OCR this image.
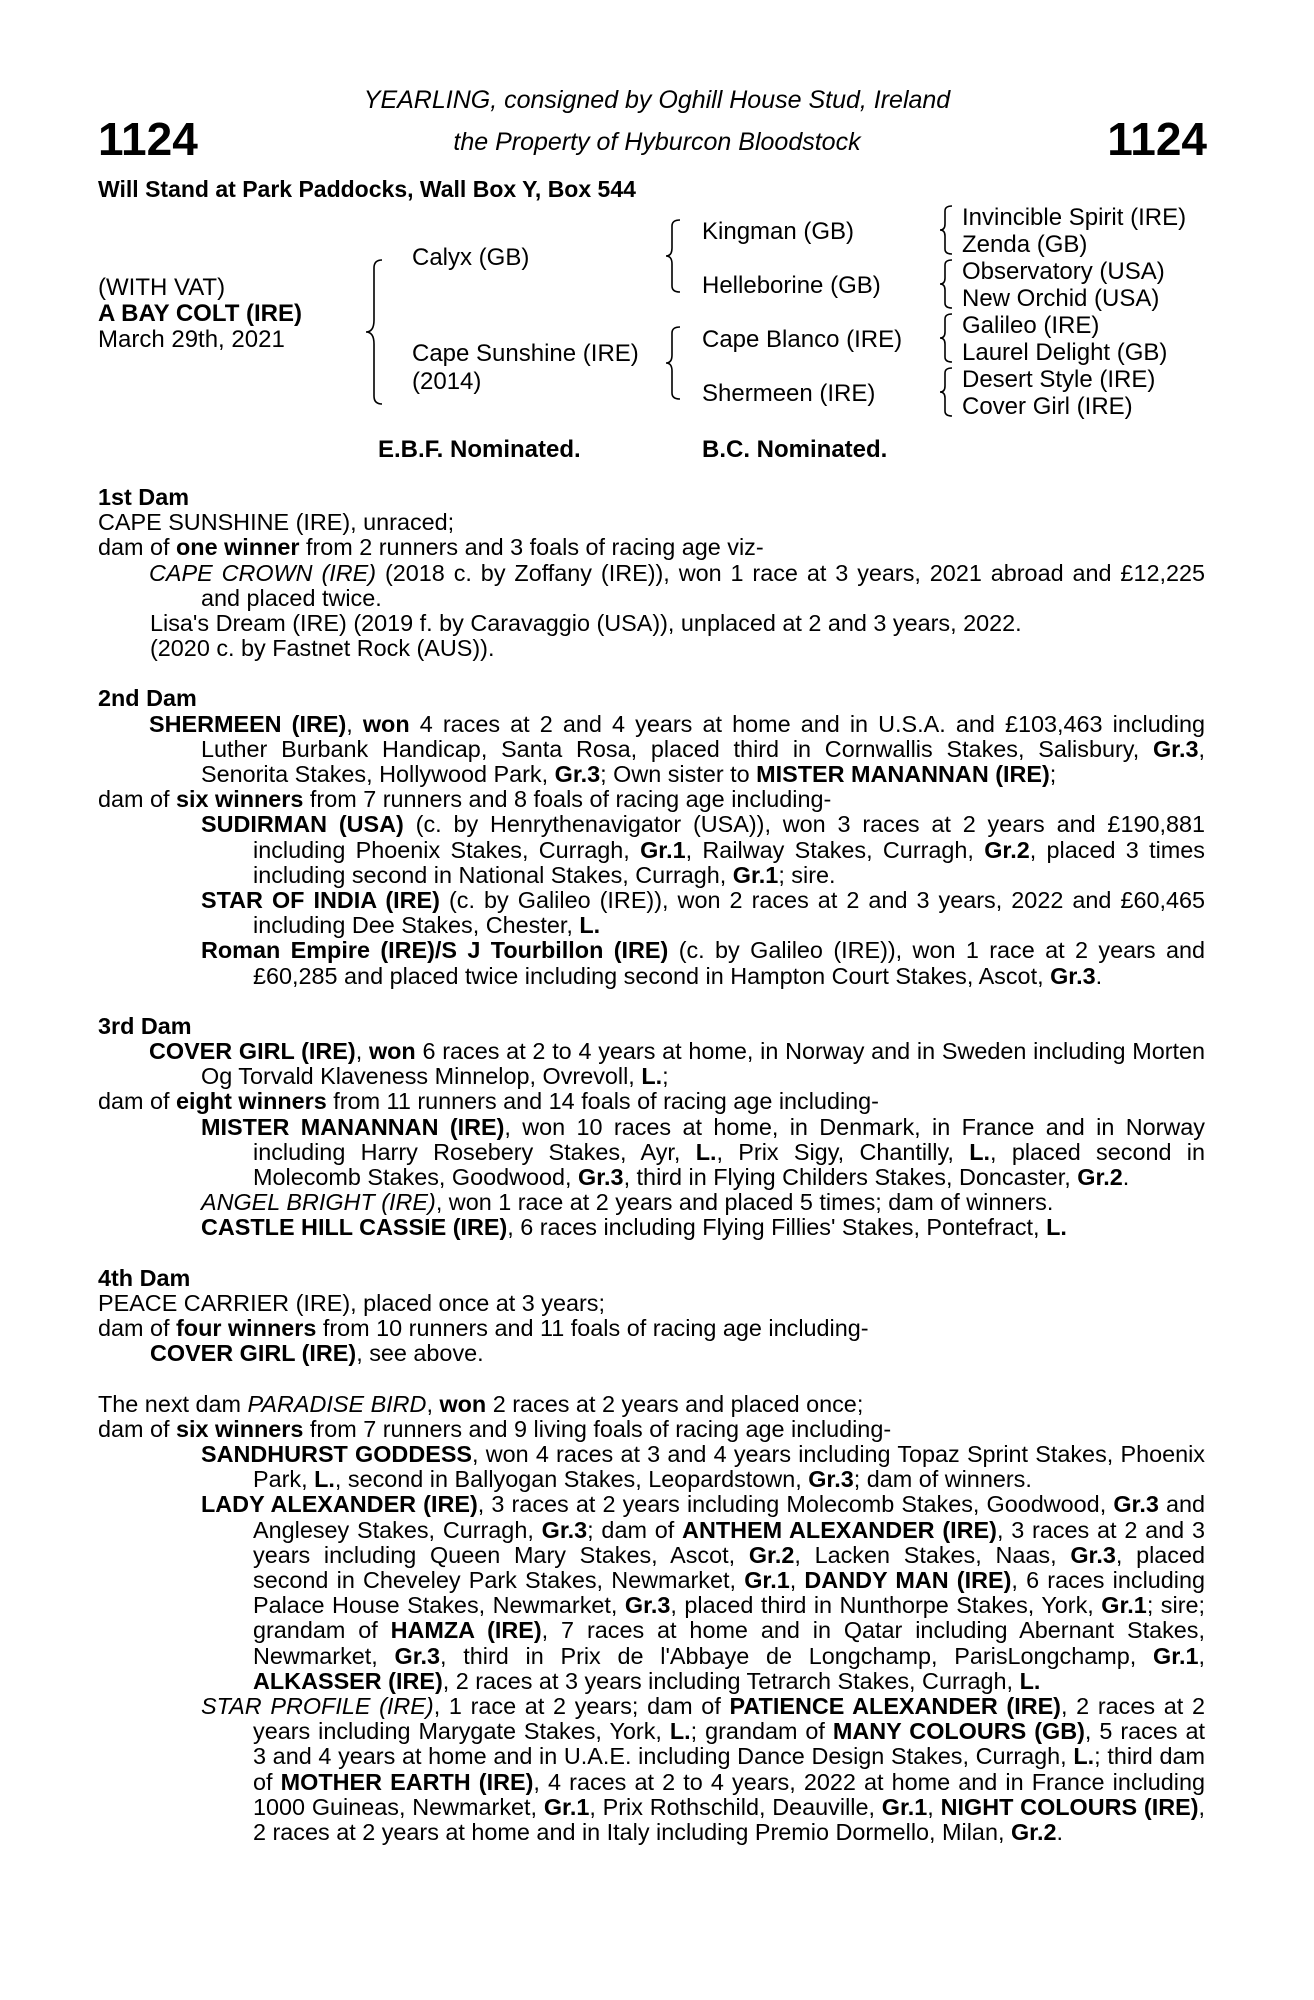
1124	1124
YEARLING, consigned by Oghill House Stud, Ireland
the Property of Hyburcon Bloodstock
Will Stand at Park Paddocks, Wall Box Y, Box 544
(WITH VAT)
A BAY COLT (IRE)
March 29th, 2021
Calyx (GB)
Cape Sunshine (IRE)
(2014)
Kingman (GB)
Helleborine (GB)
Cape Blanco (IRE)
Shermeen (IRE)
Invincible Spirit (IRE)
Zenda (GB)
Observatory (USA)
New Orchid (USA)
Galileo (IRE)
Laurel Delight (GB)
Desert Style (IRE)
Cover Girl (IRE)
E.B.F. Nominated.	B.C. Nominated.

1st Dam

CAPE SUNSHINE (IRE), unraced;

dam of one winner from 2 runners and 3 foals of racing age viz-

CAPE CROWN (IRE) (2018 c. by Zoffany (IRE)), won 1 race at 3 years, 2021 abroad and £12,225 and placed twice.

Lisa's Dream (IRE) (2019 f. by Caravaggio (USA)), unplaced at 2 and 3 years, 2022.

(2020 c. by Fastnet Rock (AUS)).

2nd Dam

SHERMEEN (IRE), won 4 races at 2 and 4 years at home and in U.S.A. and £103,463 including Luther Burbank Handicap, Santa Rosa, placed third in Cornwallis Stakes, Salisbury, Gr.3, Senorita Stakes, Hollywood Park, Gr.3; Own sister to MISTER MANANNAN (IRE);

dam of six winners from 7 runners and 8 foals of racing age including-

SUDIRMAN (USA) (c. by Henrythenavigator (USA)), won 3 races at 2 years and £190,881 including Phoenix Stakes, Curragh, Gr.1, Railway Stakes, Curragh, Gr.2, placed 3 times including second in National Stakes, Curragh, Gr.1; sire.

STAR OF INDIA (IRE) (c. by Galileo (IRE)), won 2 races at 2 and 3 years, 2022 and £60,465 including Dee Stakes, Chester, L.

Roman Empire (IRE)/S J Tourbillon (IRE) (c. by Galileo (IRE)), won 1 race at 2 years and £60,285 and placed twice including second in Hampton Court Stakes, Ascot, Gr.3.

3rd Dam

COVER GIRL (IRE), won 6 races at 2 to 4 years at home, in Norway and in Sweden including Morten Og Torvald Klaveness Minnelop, Ovrevoll, L.;

dam of eight winners from 11 runners and 14 foals of racing age including-

MISTER MANANNAN (IRE), won 10 races at home, in Denmark, in France and in Norway including Harry Rosebery Stakes, Ayr, L., Prix Sigy, Chantilly, L., placed second in Molecomb Stakes, Goodwood, Gr.3, third in Flying Childers Stakes, Doncaster, Gr.2.

ANGEL BRIGHT (IRE), won 1 race at 2 years and placed 5 times; dam of winners.

CASTLE HILL CASSIE (IRE), 6 races including Flying Fillies' Stakes, Pontefract, L.

4th Dam

PEACE CARRIER (IRE), placed once at 3 years;

dam of four winners from 10 runners and 11 foals of racing age including-

COVER GIRL (IRE), see above.

The next dam PARADISE BIRD, won 2 races at 2 years and placed once;

dam of six winners from 7 runners and 9 living foals of racing age including-

SANDHURST GODDESS, won 4 races at 3 and 4 years including Topaz Sprint Stakes, Phoenix Park, L., second in Ballyogan Stakes, Leopardstown, Gr.3; dam of winners.

LADY ALEXANDER (IRE), 3 races at 2 years including Molecomb Stakes, Goodwood, Gr.3 and Anglesey Stakes, Curragh, Gr.3; dam of ANTHEM ALEXANDER (IRE), 3 races at 2 and 3 years including Queen Mary Stakes, Ascot, Gr.2, Lacken Stakes, Naas, Gr.3, placed second in Cheveley Park Stakes, Newmarket, Gr.1, DANDY MAN (IRE), 6 races including Palace House Stakes, Newmarket, Gr.3, placed third in Nunthorpe Stakes, York, Gr.1; sire; grandam of HAMZA (IRE), 7 races at home and in Qatar including Abernant Stakes, Newmarket, Gr.3, third in Prix de l'Abbaye de Longchamp, ParisLongchamp, Gr.1, ALKASSER (IRE), 2 races at 3 years including Tetrarch Stakes, Curragh, L.

STAR PROFILE (IRE), 1 race at 2 years; dam of PATIENCE ALEXANDER (IRE), 2 races at 2 years including Marygate Stakes, York, L.; grandam of MANY COLOURS (GB), 5 races at 3 and 4 years at home and in U.A.E. including Dance Design Stakes, Curragh, L.; third dam of MOTHER EARTH (IRE), 4 races at 2 to 4 years, 2022 at home and in France including 1000 Guineas, Newmarket, Gr.1, Prix Rothschild, Deauville, Gr.1, NIGHT COLOURS (IRE), 2 races at 2 years at home and in Italy including Premio Dormello, Milan, Gr.2.
